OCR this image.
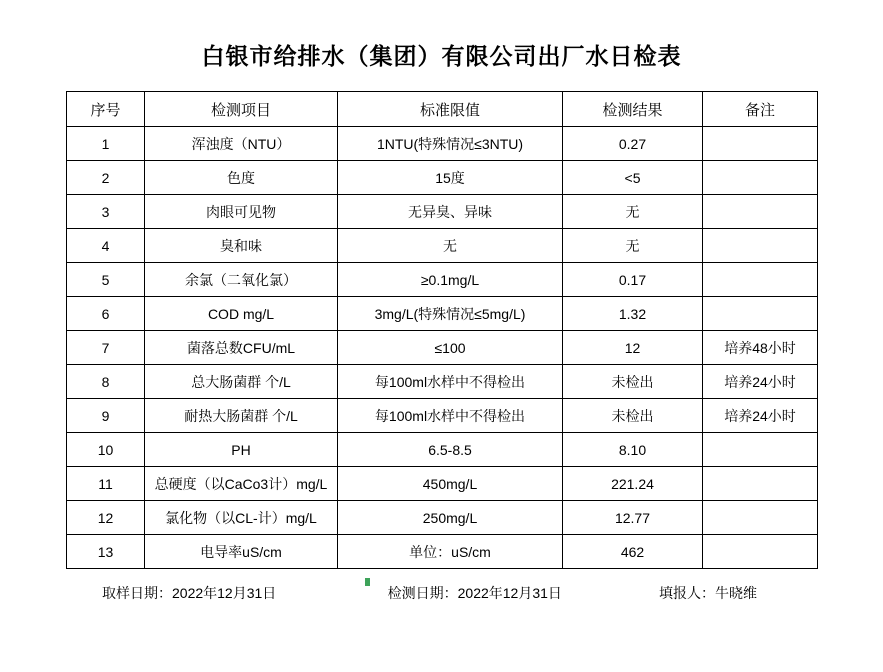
白银市给排水（集团）有限公司出厂水日检表
序号	检测项目	标准限值	检测结果	备注
1	浑浊度（NTU）	1NTU(特殊情况≤3NTU)	0.27	
2	色度	15度	<5	
3	肉眼可见物	无异臭、异味	无	
4	臭和味	无	无	
5	余氯（二氧化氯）	≥0.1mg/L	0.17	
6	COD mg/L	3mg/L(特殊情况≤5mg/L)	1.32	
7	菌落总数CFU/mL	≤100	12	培养48小时
8	总大肠菌群 个/L	每100ml水样中不得检出	未检出	培养24小时
9	耐热大肠菌群 个/L	每100ml水样中不得检出	未检出	培养24小时
10	PH	6.5-8.5	8.10	
11	总硬度（以CaCo3计）mg/L	450mg/L	221.24	
12	氯化物（以CL-计）mg/L	250mg/L	12.77	
13	电导率uS/cm	单位：uS/cm	462	
取样日期：2022年12月31日	检测日期：2022年12月31日	填报人：牛晓维
